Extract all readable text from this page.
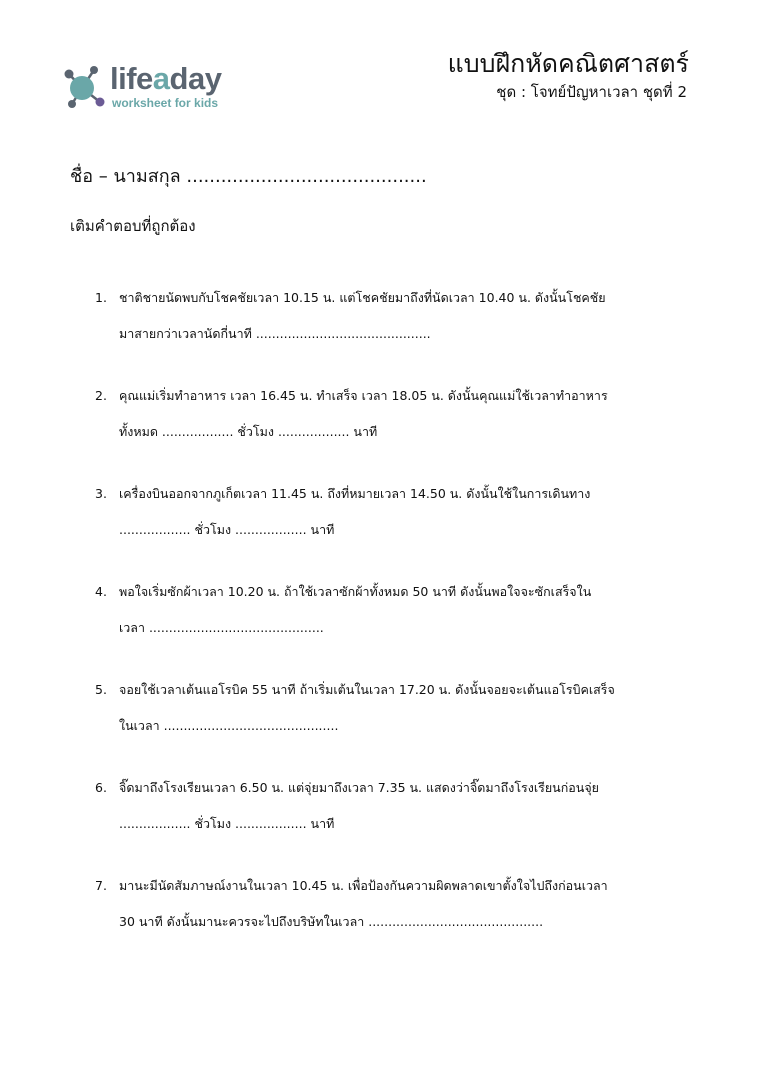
lifeaday
worksheet for kids
แบบฝึกหัดคณิตศาสตร์
ชุด : โจทย์ปัญหาเวลา ชุดที่ 2
ชื่อ – นามสกุล ..........................................
เติมคำตอบที่ถูกต้อง
1. ชาติชายนัดพบกับโชคชัยเวลา 10.15 น. แต่โชคชัยมาถึงที่นัดเวลา 10.40 น. ดังนั้นโชคชัย
มาสายกว่าเวลานัดกี่นาที ............................................
2. คุณแม่เริ่มทำอาหาร เวลา 16.45 น. ทำเสร็จ เวลา 18.05 น. ดังนั้นคุณแม่ใช้เวลาทำอาหาร
ทั้งหมด .................. ชั่วโมง .................. นาที
3. เครื่องบินออกจากภูเก็ตเวลา 11.45 น. ถึงที่หมายเวลา 14.50 น. ดังนั้นใช้ในการเดินทาง
.................. ชั่วโมง .................. นาที
4. พอใจเริ่มซักผ้าเวลา 10.20 น. ถ้าใช้เวลาซักผ้าทั้งหมด 50 นาที ดังนั้นพอใจจะซักเสร็จใน
เวลา ............................................
5. จอยใช้เวลาเต้นแอโรบิค 55 นาที ถ้าเริ่มเต้นในเวลา 17.20 น. ดังนั้นจอยจะเต้นแอโรบิคเสร็จ
ในเวลา ............................................
6. จิ๊ดมาถึงโรงเรียนเวลา 6.50 น. แต่จุ่ยมาถึงเวลา 7.35 น. แสดงว่าจิ๊ดมาถึงโรงเรียนก่อนจุ่ย
.................. ชั่วโมง .................. นาที
7. มานะมีนัดสัมภาษณ์งานในเวลา 10.45 น. เพื่อป้องกันความผิดพลาดเขาตั้งใจไปถึงก่อนเวลา
30 นาที ดังนั้นมานะควรจะไปถึงบริษัทในเวลา ............................................
